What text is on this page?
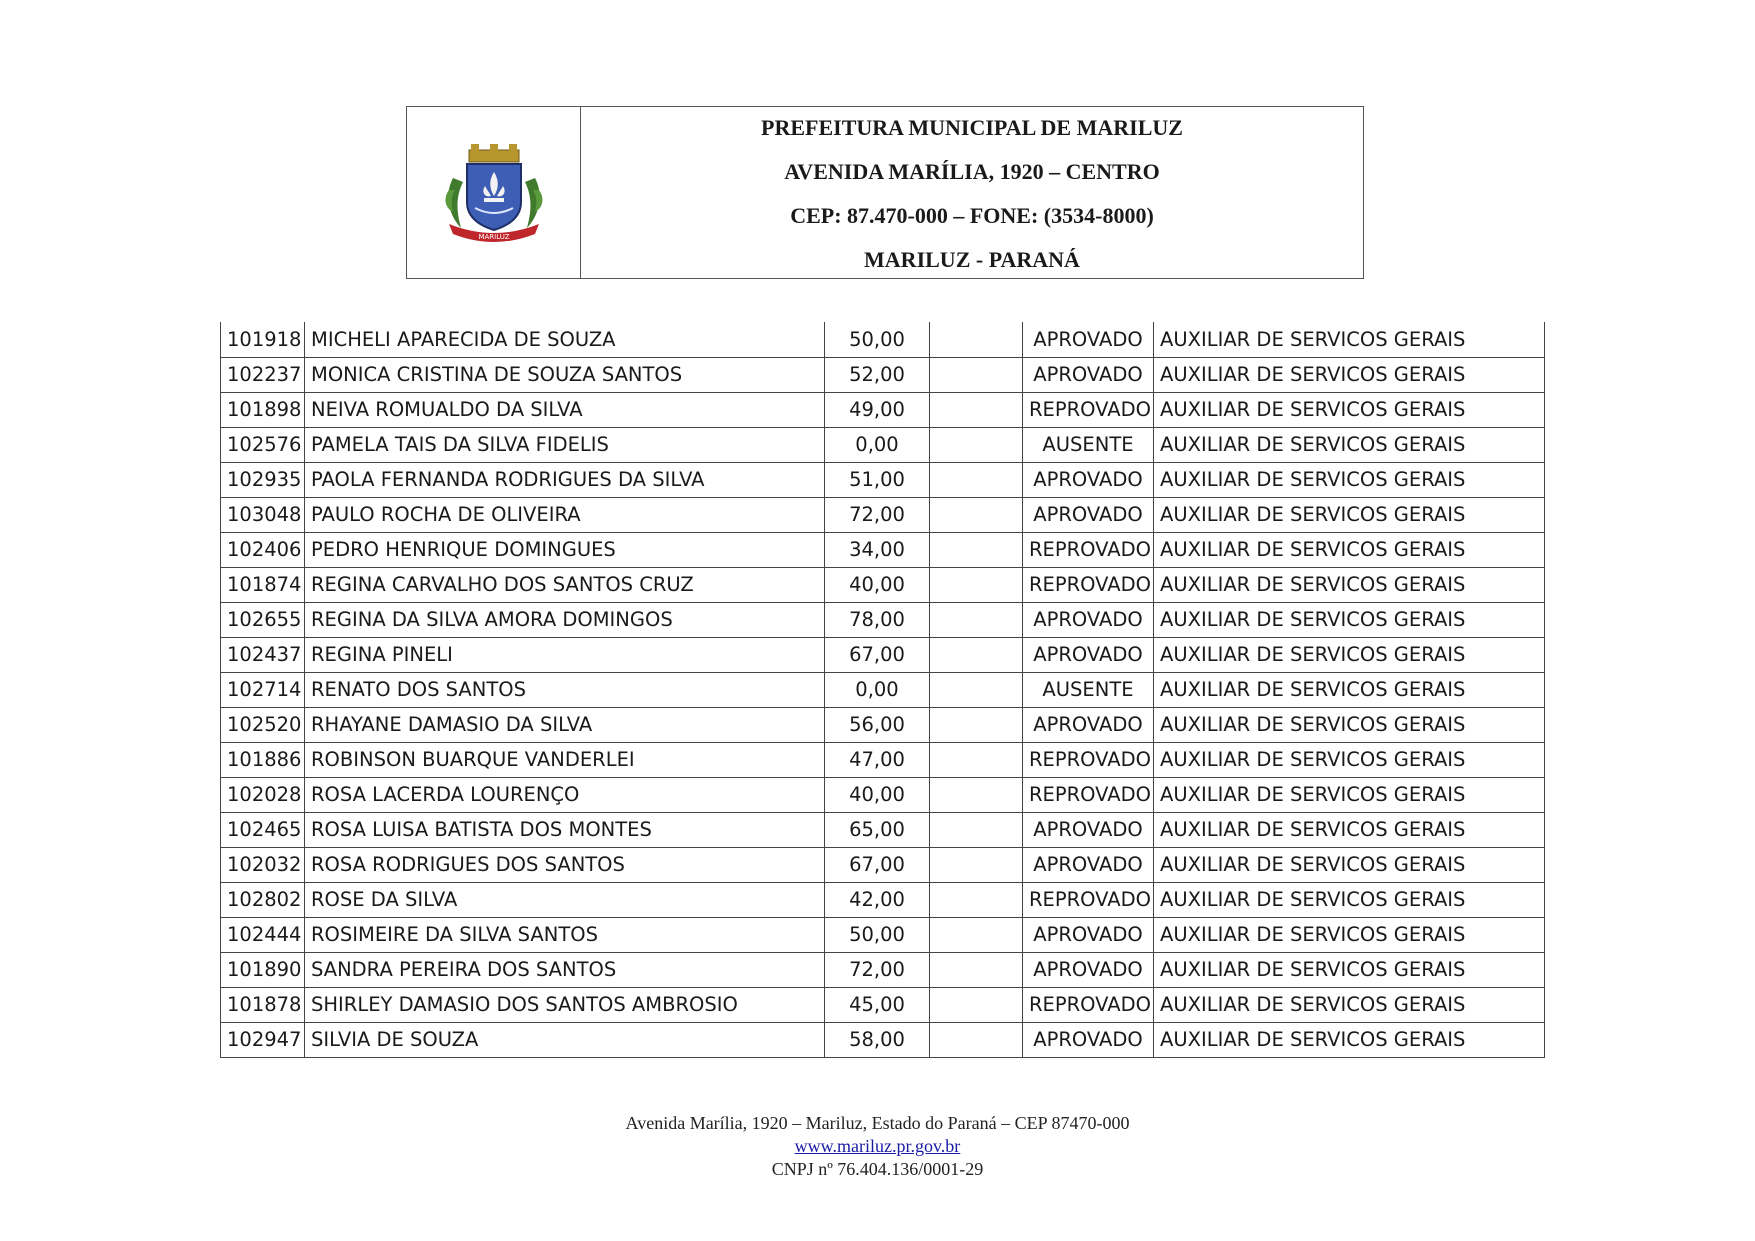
MARILUZ
PREFEITURA MUNICIPAL DE MARILUZ
AVENIDA MARÍLIA, 1920 – CENTRO
CEP: 87.470-000 – FONE: (3534-8000)
MARILUZ - PARANÁ
101918	MICHELI APARECIDA DE SOUZA	50,00		APROVADO	AUXILIAR DE SERVICOS GERAIS
102237	MONICA CRISTINA DE SOUZA SANTOS	52,00		APROVADO	AUXILIAR DE SERVICOS GERAIS
101898	NEIVA ROMUALDO DA SILVA	49,00		REPROVADO	AUXILIAR DE SERVICOS GERAIS
102576	PAMELA TAIS DA SILVA FIDELIS	0,00		AUSENTE	AUXILIAR DE SERVICOS GERAIS
102935	PAOLA FERNANDA RODRIGUES DA SILVA	51,00		APROVADO	AUXILIAR DE SERVICOS GERAIS
103048	PAULO ROCHA DE OLIVEIRA	72,00		APROVADO	AUXILIAR DE SERVICOS GERAIS
102406	PEDRO HENRIQUE DOMINGUES	34,00		REPROVADO	AUXILIAR DE SERVICOS GERAIS
101874	REGINA CARVALHO DOS SANTOS CRUZ	40,00		REPROVADO	AUXILIAR DE SERVICOS GERAIS
102655	REGINA DA SILVA AMORA DOMINGOS	78,00		APROVADO	AUXILIAR DE SERVICOS GERAIS
102437	REGINA PINELI	67,00		APROVADO	AUXILIAR DE SERVICOS GERAIS
102714	RENATO DOS SANTOS	0,00		AUSENTE	AUXILIAR DE SERVICOS GERAIS
102520	RHAYANE DAMASIO DA SILVA	56,00		APROVADO	AUXILIAR DE SERVICOS GERAIS
101886	ROBINSON BUARQUE VANDERLEI	47,00		REPROVADO	AUXILIAR DE SERVICOS GERAIS
102028	ROSA LACERDA LOURENÇO	40,00		REPROVADO	AUXILIAR DE SERVICOS GERAIS
102465	ROSA LUISA BATISTA DOS MONTES	65,00		APROVADO	AUXILIAR DE SERVICOS GERAIS
102032	ROSA RODRIGUES DOS SANTOS	67,00		APROVADO	AUXILIAR DE SERVICOS GERAIS
102802	ROSE DA SILVA	42,00		REPROVADO	AUXILIAR DE SERVICOS GERAIS
102444	ROSIMEIRE DA SILVA SANTOS	50,00		APROVADO	AUXILIAR DE SERVICOS GERAIS
101890	SANDRA PEREIRA DOS SANTOS	72,00		APROVADO	AUXILIAR DE SERVICOS GERAIS
101878	SHIRLEY DAMASIO DOS SANTOS AMBROSIO	45,00		REPROVADO	AUXILIAR DE SERVICOS GERAIS
102947	SILVIA DE SOUZA	58,00		APROVADO	AUXILIAR DE SERVICOS GERAIS
Avenida Marília, 1920 – Mariluz, Estado do Paraná – CEP 87470-000
www.mariluz.pr.gov.br
CNPJ nº 76.404.136/0001-29
